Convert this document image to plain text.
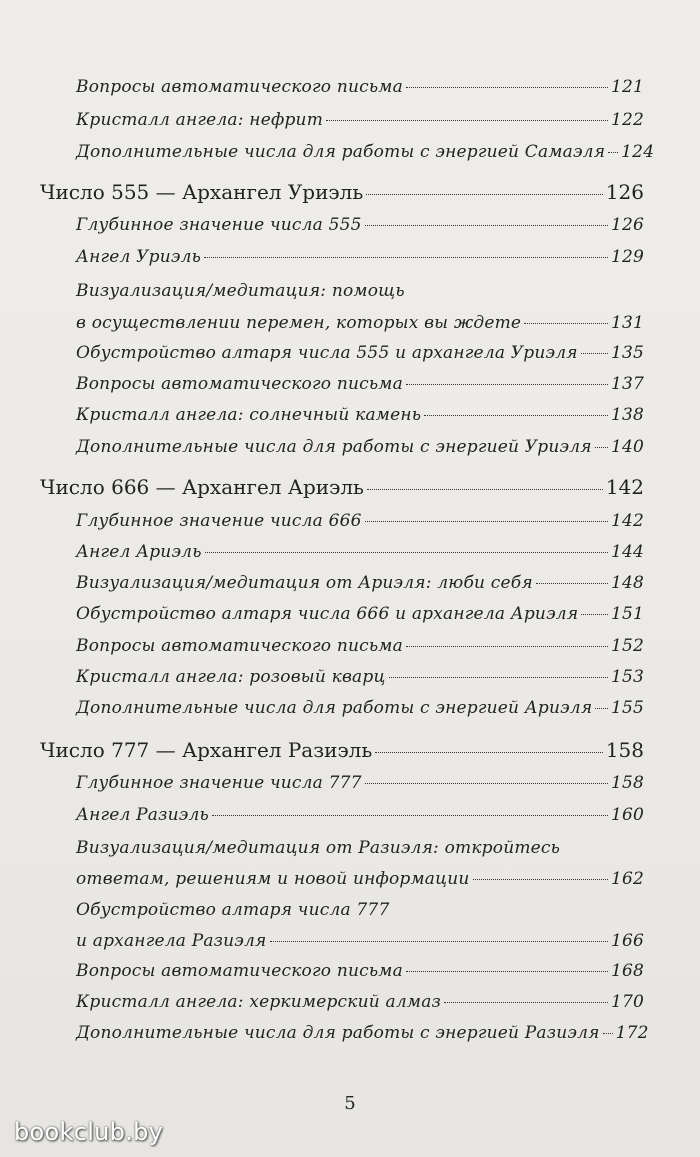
Вопросы автоматического письма	121
Кристалл ангела: нефрит	122
Дополнительные числа для работы с энергией Самаэля 124
Число 555 — Архангел Уриэль	126
Глубинное значение числа 555	126
Ангел Уриэль	129
Визуализация/медитация: помощь
в осуществлении перемен, которых вы ждете	131
Обустройство алтаря числа 555 и архангела Уриэля 135
Вопросы автоматического письма	137
Кристалл ангела: солнечный камень	138
Дополнительные числа для работы с энергией Уриэля 140
Число 666 — Архангел Ариэль	142
Глубинное значение числа 666	142
Ангел Ариэль	144
Визуализация/медитация от Ариэля: люби себя	148
Обустройство алтаря числа 666 и архангела Ариэля 151
Вопросы автоматического письма	152
Кристалл ангела: розовый кварц	153
Дополнительные числа для работы с энергией Ариэля 155
Число 777 — Архангел Разиэль	158
Глубинное значение числа 777	158
Ангел Разиэль	160
Визуализация/медитация от Разиэля: откройтесь
ответам, решениям и новой информации	162
Обустройство алтаря числа 777
и архангела Разиэля	166
Вопросы автоматического письма	168
Кристалл ангела: херкимерский алмаз	170
Дополнительные числа для работы с энергией Разиэля 172
5
bookclub.by
